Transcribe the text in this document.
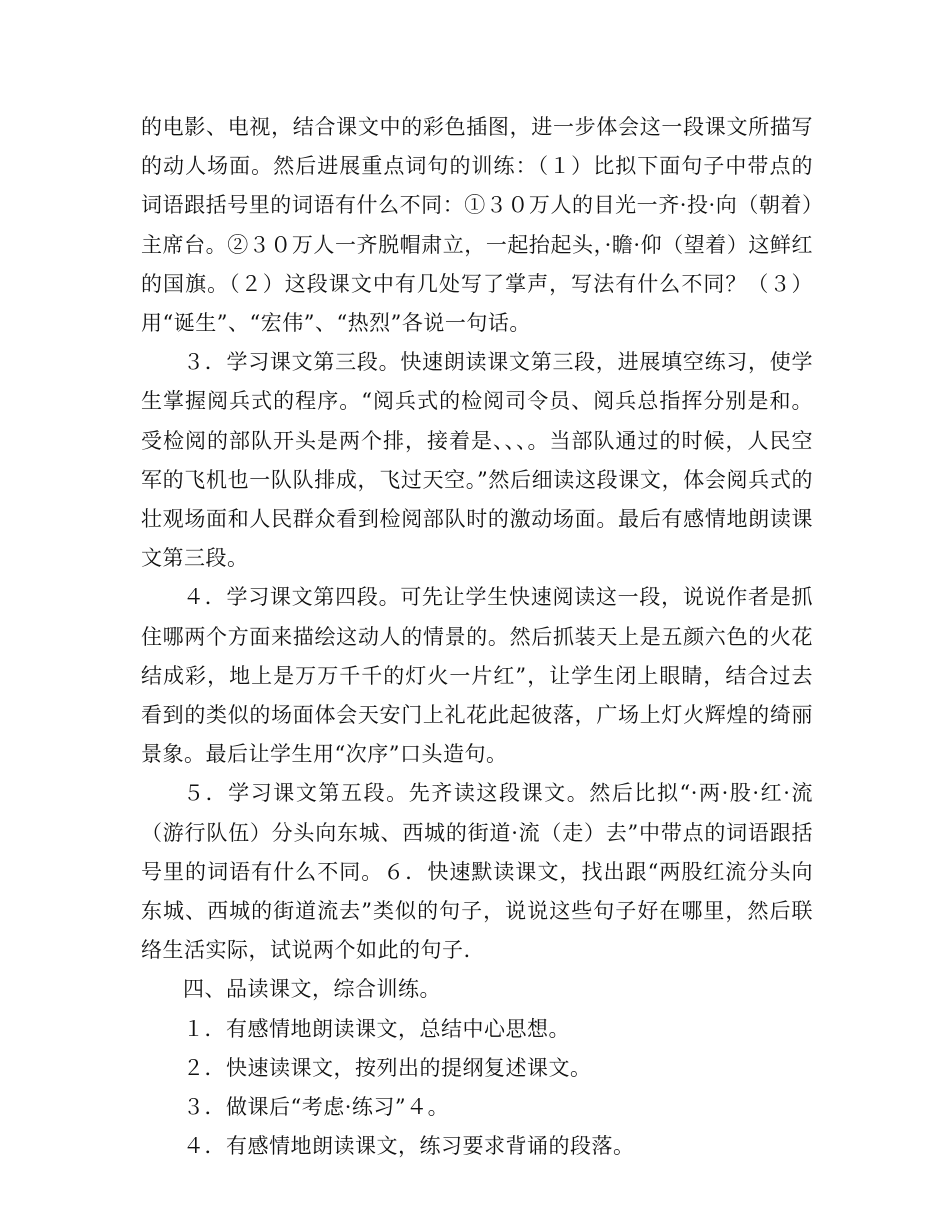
的电影、电视，结合课文中的彩色插图，进一步体会这一段课文所描写的动人场面。然后进展重点词句的训练：（１）比拟下面句子中带点的词语跟括号里的词语有什么不同：①３０万人的目光一齐·投·向（朝着）主席台。②３０万人一齐脱帽肃立，一起抬起头，·瞻·仰（望着）这鲜红的国旗。（２）这段课文中有几处写了掌声，写法有什么不同？（３）用“诞生”、“宏伟”、“热烈”各说一句话。

３．学习课文第三段。快速朗读课文第三段，进展填空练习，使学生掌握阅兵式的程序。“阅兵式的检阅司令员、阅兵总指挥分别是和。受检阅的部队开头是两个排，接着是、、、。当部队通过的时候，人民空军的飞机也一队队排成，飞过天空。”然后细读这段课文，体会阅兵式的壮观场面和人民群众看到检阅部队时的激动场面。最后有感情地朗读课文第三段。

４．学习课文第四段。可先让学生快速阅读这一段，说说作者是抓住哪两个方面来描绘这动人的情景的。然后抓装天上是五颜六色的火花结成彩，地上是万万千千的灯火一片红”，让学生闭上眼睛，结合过去看到的类似的场面体会天安门上礼花此起彼落，广场上灯火辉煌的绮丽景象。最后让学生用“次序”口头造句。

５．学习课文第五段。先齐读这段课文。然后比拟“·两·股·红·流（游行队伍）分头向东城、西城的街道·流（走）去”中带点的词语跟括号里的词语有什么不同。６．快速默读课文，找出跟“两股红流分头向东城、西城的街道流去”类似的句子，说说这些句子好在哪里，然后联络生活实际，试说两个如此的句子.

四、品读课文，综合训练。

１．有感情地朗读课文，总结中心思想。

２．快速读课文，按列出的提纲复述课文。

３．做课后“考虑·练习”４。

４．有感情地朗读课文，练习要求背诵的段落。
